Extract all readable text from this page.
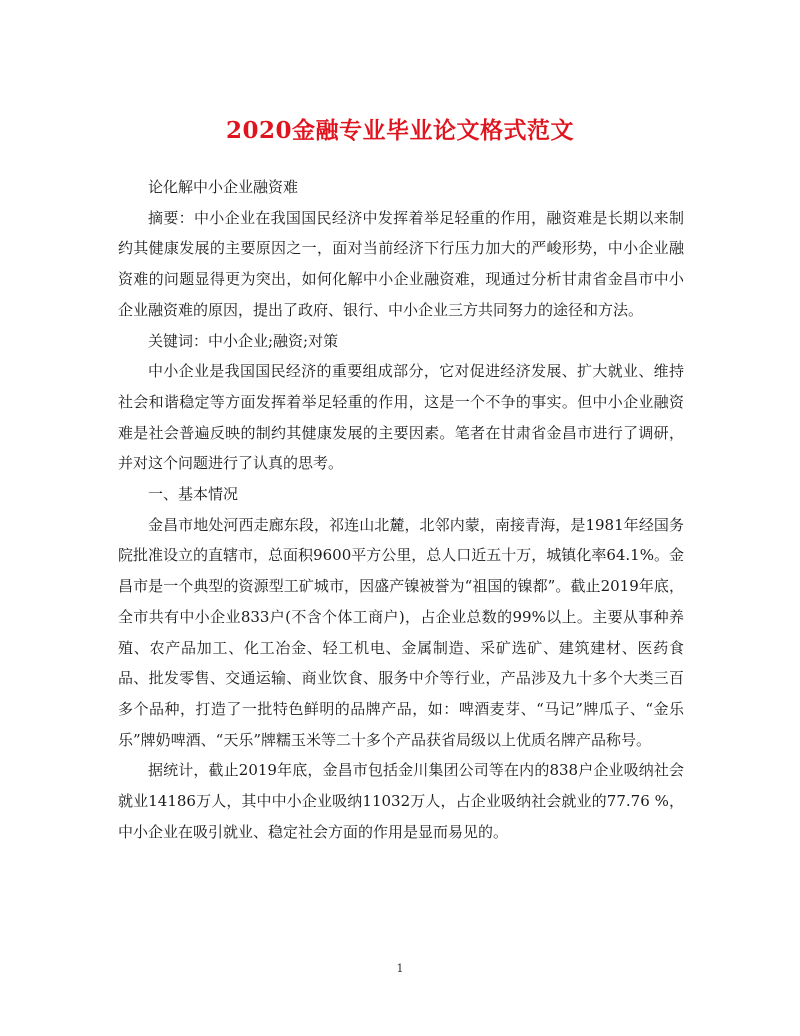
2020金融专业毕业论文格式范文

论化解中小企业融资难

摘要：中小企业在我国国民经济中发挥着举足轻重的作用，融资难是长期以来制约其健康发展的主要原因之一，面对当前经济下行压力加大的严峻形势，中小企业融资难的问题显得更为突出，如何化解中小企业融资难，现通过分析甘肃省金昌市中小企业融资难的原因，提出了政府、银行、中小企业三方共同努力的途径和方法。

关键词：中小企业;融资;对策

中小企业是我国国民经济的重要组成部分，它对促进经济发展、扩大就业、维持社会和谐稳定等方面发挥着举足轻重的作用，这是一个不争的事实。但中小企业融资难是社会普遍反映的制约其健康发展的主要因素。笔者在甘肃省金昌市进行了调研，并对这个问题进行了认真的思考。

一、基本情况

金昌市地处河西走廊东段，祁连山北麓，北邻内蒙，南接青海，是1981年经国务院批准设立的直辖市，总面积9600平方公里，总人口近五十万，城镇化率64.1%。金昌市是一个典型的资源型工矿城市，因盛产镍被誉为“祖国的镍都”。截止2019年底，全市共有中小企业833户(不含个体工商户)，占企业总数的99%以上。主要从事种养殖、农产品加工、化工冶金、轻工机电、金属制造、采矿选矿、建筑建材、医药食品、批发零售、交通运输、商业饮食、服务中介等行业，产品涉及九十多个大类三百多个品种，打造了一批特色鲜明的品牌产品，如：啤酒麦芽、“马记”牌瓜子、“金乐乐”牌奶啤酒、“天乐”牌糯玉米等二十多个产品获省局级以上优质名牌产品称号。

据统计，截止2019年底，金昌市包括金川集团公司等在内的838户企业吸纳社会就业14186万人，其中中小企业吸纳11032万人，占企业吸纳社会就业的77.76 %，中小企业在吸引就业、稳定社会方面的作用是显而易见的。

1
